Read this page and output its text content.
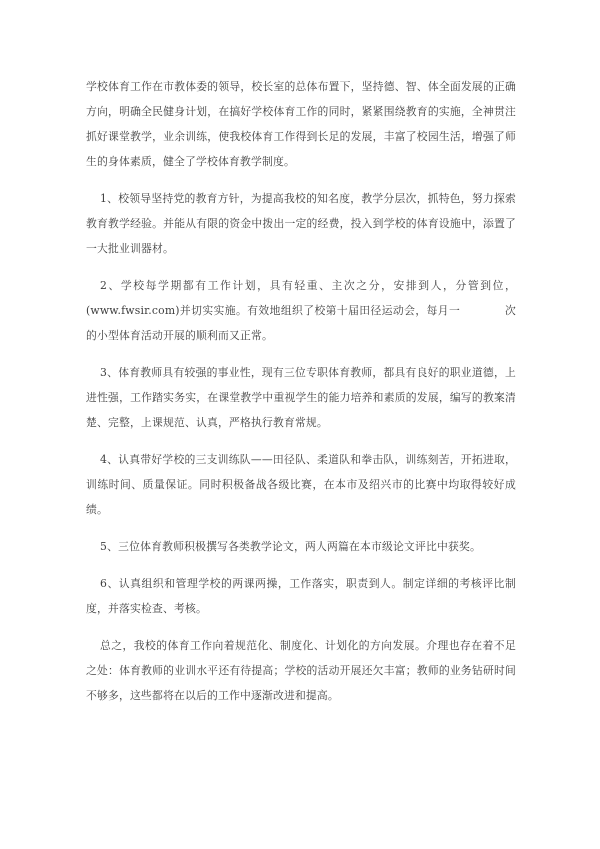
学校体育工作在市教体委的领导，校长室的总体布置下，坚持德、智、体全面发展的正确方向，明确全民健身计划，在搞好学校体育工作的同时，紧紧围绕教育的实施，全神贯注抓好课堂教学，业余训练，使我校体育工作得到长足的发展，丰富了校园生活，增强了师生的身体素质，健全了学校体育教学制度。

1、校领导坚持党的教育方针，为提高我校的知名度，教学分层次，抓特色，努力探索教育教学经验。并能从有限的资金中拨出一定的经费，投入到学校的体育设施中，添置了一大批业训器材。

2、学校每学期都有工作计划，具有轻重、主次之分，安排到人，分管到位，(www.fwsir.com)并切实实施。有效地组织了校第十届田径运动会，每月一　　　　次的小型体育活动开展的顺利而又正常。

3、体育教师具有较强的事业性，现有三位专职体育教师，都具有良好的职业道德，上进性强，工作踏实务实，在课堂教学中重视学生的能力培养和素质的发展，编写的教案清楚、完整，上课规范、认真，严格执行教育常规。

4、认真带好学校的三支训练队——田径队、柔道队和拳击队，训练刻苦，开拓进取，训练时间、质量保证。同时积极备战各级比赛，在本市及绍兴市的比赛中均取得较好成绩。

5、三位体育教师积极撰写各类教学论文，两人两篇在本市级论文评比中获奖。

6、认真组织和管理学校的两课两操，工作落实，职责到人。制定详细的考核评比制度，并落实检查、考核。

总之，我校的体育工作向着规范化、制度化、计划化的方向发展。介理也存在着不足之处：体育教师的业训水平还有待提高；学校的活动开展还欠丰富；教师的业务钻研时间不够多，这些都将在以后的工作中逐渐改进和提高。
